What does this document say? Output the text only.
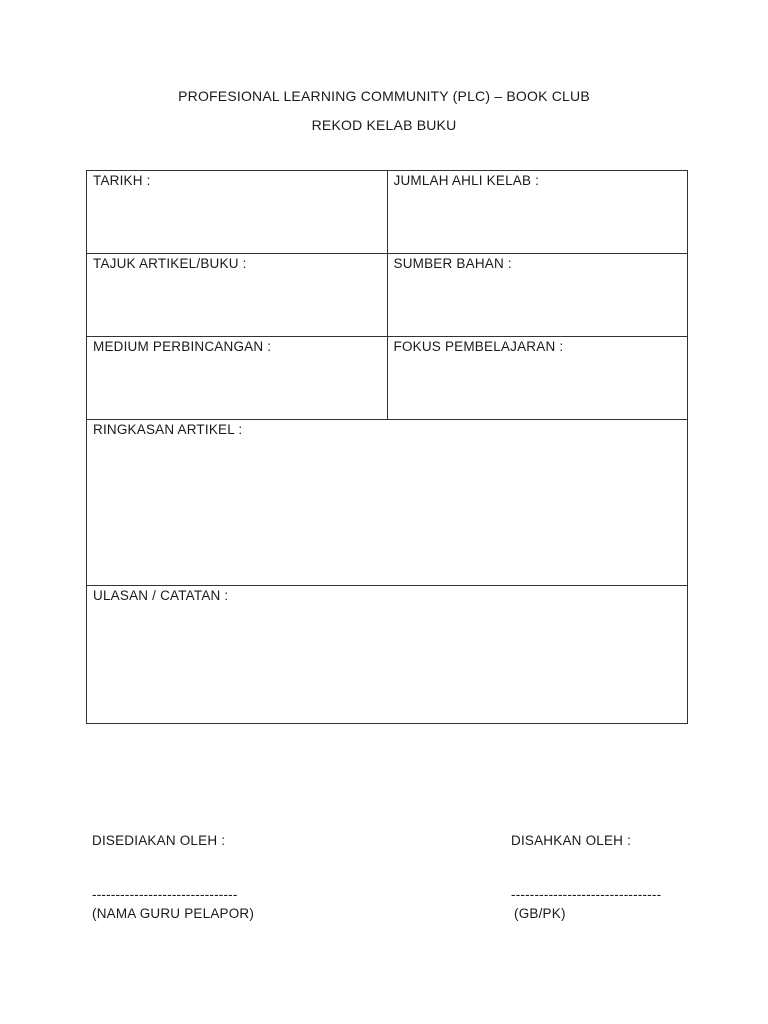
PROFESIONAL LEARNING COMMUNITY (PLC) – BOOK CLUB
REKOD KELAB BUKU
TARIKH :	JUMLAH AHLI KELAB :
TAJUK ARTIKEL/BUKU :	SUMBER BAHAN :
MEDIUM PERBINCANGAN :	FOKUS PEMBELAJARAN :
RINGKASAN ARTIKEL :	
ULASAN / CATATAN :	
DISEDIAKAN OLEH :
-------------------------------
(NAMA GURU PELAPOR)
DISAHKAN OLEH :
--------------------------------
(GB/PK)
